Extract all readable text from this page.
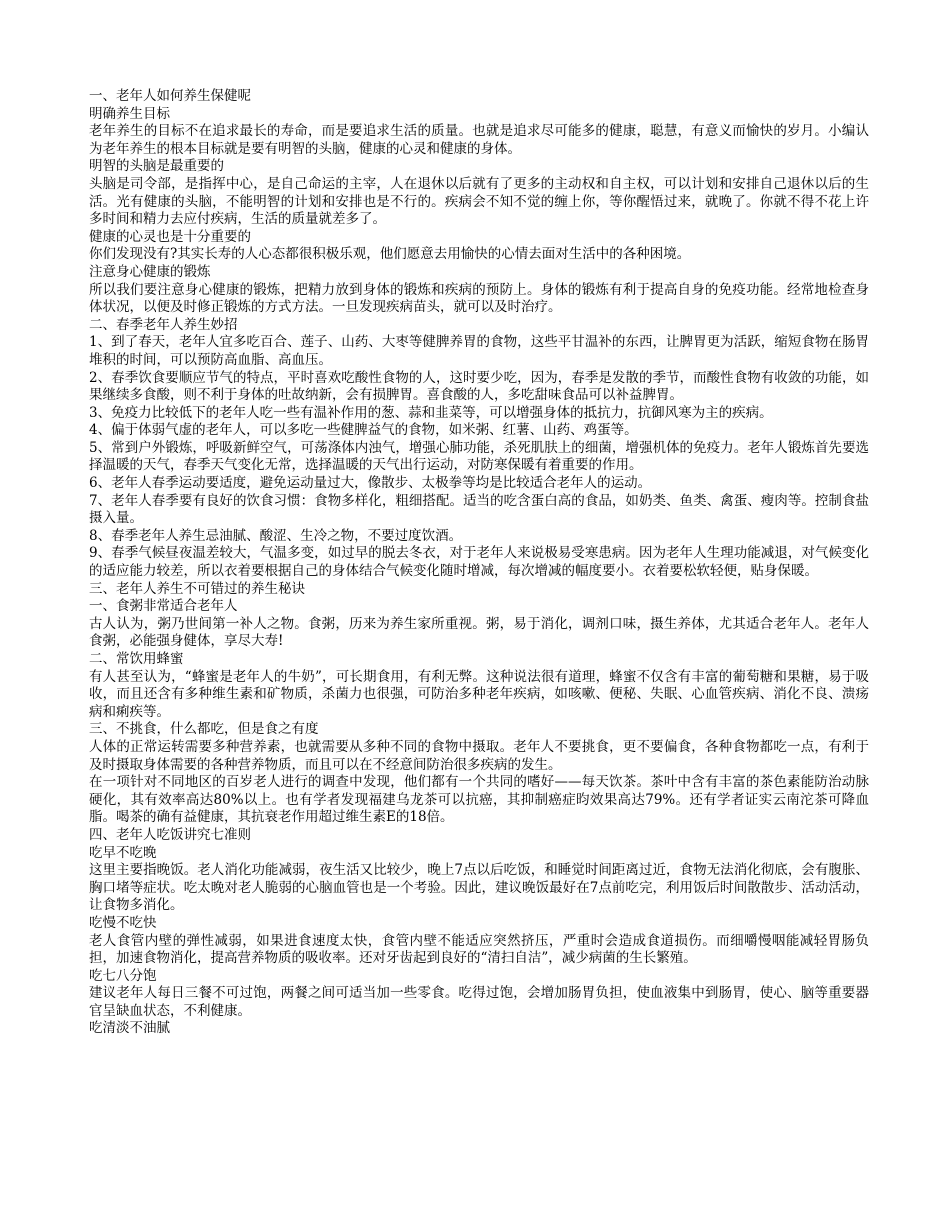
一、老年人如何养生保健呢

明确养生目标

老年养生的目标不在追求最长的寿命，而是要追求生活的质量。也就是追求尽可能多的健康，聪慧，有意义而愉快的岁月。小编认为老年养生的根本目标就是要有明智的头脑，健康的心灵和健康的身体。

明智的头脑是最重要的

头脑是司令部，是指挥中心，是自己命运的主宰，人在退休以后就有了更多的主动权和自主权，可以计划和安排自己退休以后的生活。光有健康的头脑，不能明智的计划和安排也是不行的。疾病会不知不觉的缠上你，等你醒悟过来，就晚了。你就不得不花上许多时间和精力去应付疾病，生活的质量就差多了。

健康的心灵也是十分重要的

你们发现没有?其实长寿的人心态都很积极乐观，他们愿意去用愉快的心情去面对生活中的各种困境。

注意身心健康的锻炼

所以我们要注意身心健康的锻炼，把精力放到身体的锻炼和疾病的预防上。身体的锻炼有利于提高自身的免疫功能。经常地检查身体状况，以便及时修正锻炼的方式方法。一旦发现疾病苗头，就可以及时治疗。

二、春季老年人养生妙招

1、到了春天，老年人宜多吃百合、莲子、山药、大枣等健脾养胃的食物，这些平甘温补的东西，让脾胃更为活跃，缩短食物在肠胃堆积的时间，可以预防高血脂、高血压。

2、春季饮食要顺应节气的特点，平时喜欢吃酸性食物的人，这时要少吃，因为，春季是发散的季节，而酸性食物有收敛的功能，如果继续多食酸，则不利于身体的吐故纳新，会有损脾胃。喜食酸的人，多吃甜味食品可以补益脾胃。

3、免疫力比较低下的老年人吃一些有温补作用的葱、蒜和韭菜等，可以增强身体的抵抗力，抗御风寒为主的疾病。

4、偏于体弱气虚的老年人，可以多吃一些健脾益气的食物，如米粥、红薯、山药、鸡蛋等。

5、常到户外锻炼，呼吸新鲜空气，可荡涤体内浊气，增强心肺功能，杀死肌肤上的细菌，增强机体的免疫力。老年人锻炼首先要选择温暖的天气，春季天气变化无常，选择温暖的天气出行运动，对防寒保暖有着重要的作用。

6、老年人春季运动要适度，避免运动量过大，像散步、太极拳等均是比较适合老年人的运动。

7、老年人春季要有良好的饮食习惯：食物多样化，粗细搭配。适当的吃含蛋白高的食品，如奶类、鱼类、禽蛋、瘦肉等。控制食盐摄入量。

8、春季老年人养生忌油腻、酸涩、生冷之物，不要过度饮酒。

9、春季气候昼夜温差较大，气温多变，如过早的脱去冬衣，对于老年人来说极易受寒患病。因为老年人生理功能减退，对气候变化的适应能力较差，所以衣着要根据自己的身体结合气候变化随时增减，每次增减的幅度要小。衣着要松软轻便，贴身保暖。

三、老年人养生不可错过的养生秘诀

一、食粥非常适合老年人

古人认为，粥乃世间第一补人之物。食粥，历来为养生家所重视。粥，易于消化，调剂口味，摄生养体，尤其适合老年人。老年人食粥，必能强身健体，享尽大寿!

二、常饮用蜂蜜

有人甚至认为，“蜂蜜是老年人的牛奶”，可长期食用，有利无弊。这种说法很有道理，蜂蜜不仅含有丰富的葡萄糖和果糖，易于吸收，而且还含有多种维生素和矿物质，杀菌力也很强，可防治多种老年疾病，如咳嗽、便秘、失眠、心血管疾病、消化不良、溃疡病和痢疾等。

三、不挑食，什么都吃，但是食之有度

人体的正常运转需要多种营养素，也就需要从多种不同的食物中摄取。老年人不要挑食，更不要偏食，各种食物都吃一点，有利于及时摄取身体需要的各种营养物质，而且可以在不经意间防治很多疾病的发生。

在一项针对不同地区的百岁老人进行的调查中发现，他们都有一个共同的嗜好——每天饮茶。茶叶中含有丰富的茶色素能防治动脉硬化，其有效率高达80%以上。也有学者发现福建乌龙茶可以抗癌，其抑制癌症昀效果高达79%。还有学者证实云南沱茶可降血脂。喝茶的确有益健康，其抗衰老作用超过维生素E的18倍。

四、老年人吃饭讲究七准则

吃早不吃晚

这里主要指晚饭。老人消化功能减弱，夜生活又比较少，晚上7点以后吃饭，和睡觉时间距离过近，食物无法消化彻底，会有腹胀、胸口堵等症状。吃太晚对老人脆弱的心脑血管也是一个考验。因此，建议晚饭最好在7点前吃完，利用饭后时间散散步、活动活动，让食物多消化。

吃慢不吃快

老人食管内壁的弹性减弱，如果进食速度太快，食管内壁不能适应突然挤压，严重时会造成食道损伤。而细嚼慢咽能减轻胃肠负担，加速食物消化，提高营养物质的吸收率。还对牙齿起到良好的“清扫自洁”，减少病菌的生长繁殖。

吃七八分饱

建议老年人每日三餐不可过饱，两餐之间可适当加一些零食。吃得过饱，会增加肠胃负担，使血液集中到肠胃，使心、脑等重要器官呈缺血状态，不利健康。

吃清淡不油腻
